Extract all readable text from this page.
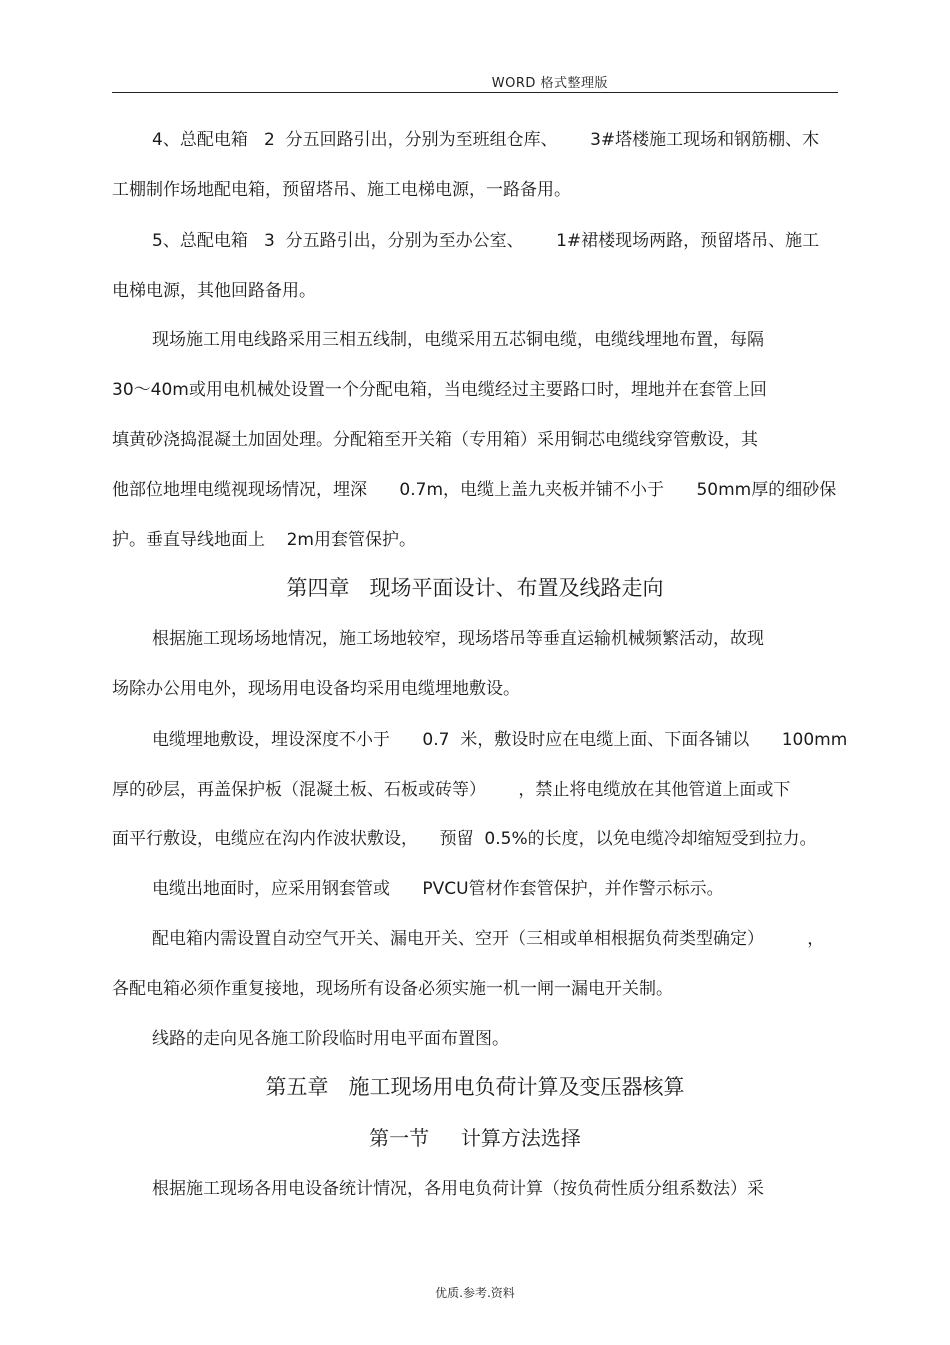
WORD 格式整理版
4、总配电箱   2  分五回路引出，分别为至班组仓库、      3#塔楼施工现场和钢筋棚、木
工棚制作场地配电箱，预留塔吊、施工电梯电源，一路备用。
5、总配电箱   3  分五路引出，分别为至办公室、      1#裙楼现场两路，预留塔吊、施工
电梯电源，其他回路备用。
现场施工用电线路采用三相五线制，电缆采用五芯铜电缆，电缆线埋地布置，每隔
30～40m或用电机械处设置一个分配电箱，当电缆经过主要路口时，埋地并在套管上回
填黄砂浇捣混凝土加固处理。分配箱至开关箱（专用箱）采用铜芯电缆线穿管敷设，其
他部位地埋电缆视现场情况，埋深      0.7m，电缆上盖九夹板并铺不小于      50mm厚的细砂保
护。垂直导线地面上    2m用套管保护。
第四章   现场平面设计、布置及线路走向
根据施工现场场地情况，施工场地较窄，现场塔吊等垂直运输机械频繁活动，故现
场除办公用电外，现场用电设备均采用电缆埋地敷设。
电缆埋地敷设，埋设深度不小于      0.7  米，敷设时应在电缆上面、下面各铺以      100mm
厚的砂层，再盖保护板（混凝土板、石板或砖等）      ，禁止将电缆放在其他管道上面或下
面平行敷设，电缆应在沟内作波状敷设，    预留  0.5%的长度，以免电缆冷却缩短受到拉力。
电缆出地面时，应采用钢套管或      PVCU管材作套管保护，并作警示标示。
配电箱内需设置自动空气开关、漏电开关、空开（三相或单相根据负荷类型确定）        ，
各配电箱必须作重复接地，现场所有设备必须实施一机一闸一漏电开关制。
线路的走向见各施工阶段临时用电平面布置图。
第五章   施工现场用电负荷计算及变压器核算
第一节     计算方法选择
根据施工现场各用电设备统计情况，各用电负荷计算（按负荷性质分组系数法）采
优质.参考.资料
